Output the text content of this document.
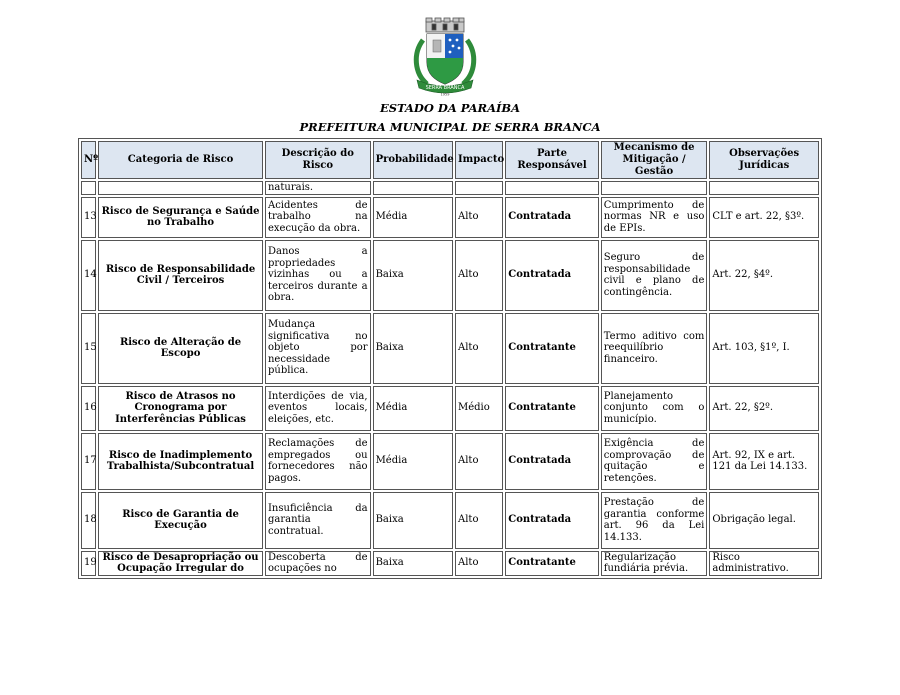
SERRA BRANCA
1959
ESTADO DA PARAÍBA
PREFEITURA MUNICIPAL DE SERRA BRANCA
Nº	Categoria de Risco	Descrição do Risco	Probabilidade	Impacto	Parte Responsável	Mecanismo de Mitigação / Gestão	Observações Jurídicas
		naturais.					
13	Risco de Segurança e Saúde no Trabalho	Acidentes de trabalho na execução da obra.	Média	Alto	Contratada	Cumprimento de normas NR e uso de EPIs.	CLT e art. 22, §3º.
14	Risco de Responsabilidade Civil / Terceiros	Danos a propriedades vizinhas ou a terceiros durante a obra.	Baixa	Alto	Contratada	Seguro de responsabilidade civil e plano de contingência.	Art. 22, §4º.
15	Risco de Alteração de Escopo	Mudança significativa no objeto por necessidade pública.	Baixa	Alto	Contratante	Termo aditivo com reequilíbrio financeiro.	Art. 103, §1º, I.
16	Risco de Atrasos no Cronograma por Interferências Públicas	Interdições de via, eventos locais, eleições, etc.	Média	Médio	Contratante	Planejamento conjunto com o município.	Art. 22, §2º.
17	Risco de Inadimplemento Trabalhista/Subcontratual	Reclamações de empregados ou fornecedores não pagos.	Média	Alto	Contratada	Exigência de comprovação de quitação e retenções.	Art. 92, IX e art. 121 da Lei 14.133.
18	Risco de Garantia de Execução	Insuficiência da garantia contratual.	Baixa	Alto	Contratada	Prestação de garantia conforme art. 96 da Lei 14.133.	Obrigação legal.
19	Risco de Desapropriação ou Ocupação Irregular do	Descoberta de ocupações no	Baixa	Alto	Contratante	Regularização fundiária prévia.	Risco administrativo.
